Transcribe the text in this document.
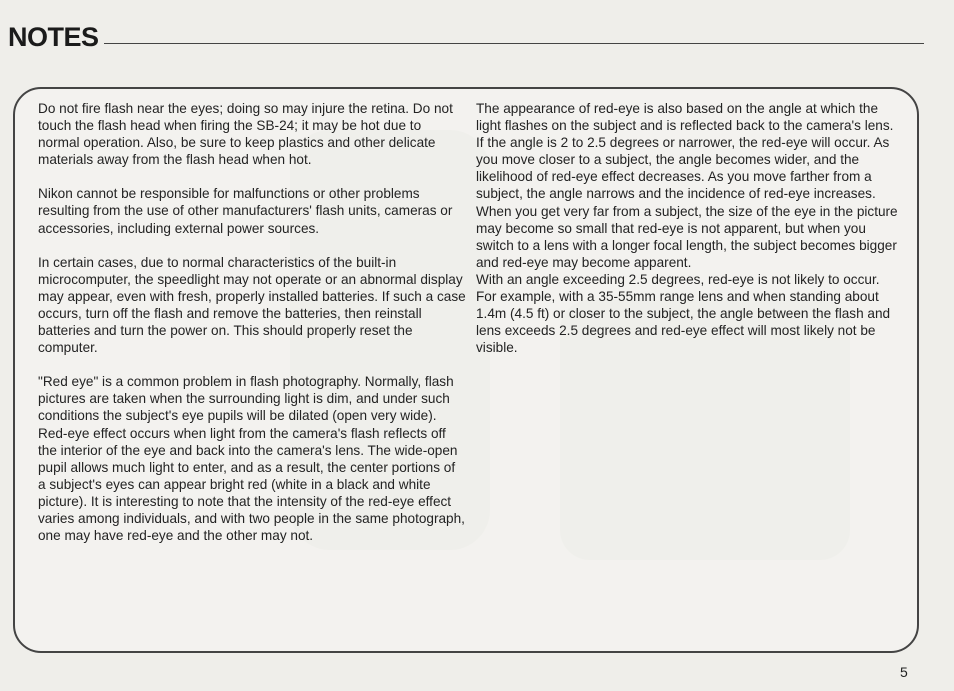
NOTES

Do not fire flash near the eyes; doing so may injure the retina. Do not touch the flash head when firing the SB-24; it may be hot due to normal operation. Also, be sure to keep plastics and other delicate materials away from the flash head when hot.

Nikon cannot be responsible for malfunctions or other problems resulting from the use of other manufacturers' flash units, cameras or accessories, including external power sources.

In certain cases, due to normal characteristics of the built-in microcomputer, the speedlight may not operate or an abnormal display may appear, even with fresh, properly installed batteries. If such a case occurs, turn off the flash and remove the batteries, then reinstall batteries and turn the power on. This should properly reset the computer.

"Red eye" is a common problem in flash photography. Normally, flash pictures are taken when the surrounding light is dim, and under such conditions the subject's eye pupils will be dilated (open very wide). Red-eye effect occurs when light from the camera's flash reflects off the interior of the eye and back into the camera's lens. The wide-open pupil allows much light to enter, and as a result, the center portions of a subject's eyes can appear bright red (white in a black and white picture). It is interesting to note that the intensity of the red-eye effect varies among individuals, and with two people in the same photograph, one may have red-eye and the other may not.

The appearance of red-eye is also based on the angle at which the light flashes on the subject and is reflected back to the camera's lens. If the angle is 2 to 2.5 degrees or narrower, the red-eye will occur. As you move closer to a subject, the angle becomes wider, and the likelihood of red-eye effect decreases. As you move farther from a subject, the angle narrows and the incidence of red-eye increases. When you get very far from a subject, the size of the eye in the picture may become so small that red-eye is not apparent, but when you switch to a lens with a longer focal length, the subject becomes bigger and red-eye may become apparent.

With an angle exceeding 2.5 degrees, red-eye is not likely to occur. For example, with a 35-55mm range lens and when standing about 1.4m (4.5 ft) or closer to the subject, the angle between the flash and lens exceeds 2.5 degrees and red-eye effect will most likely not be visible.

5
